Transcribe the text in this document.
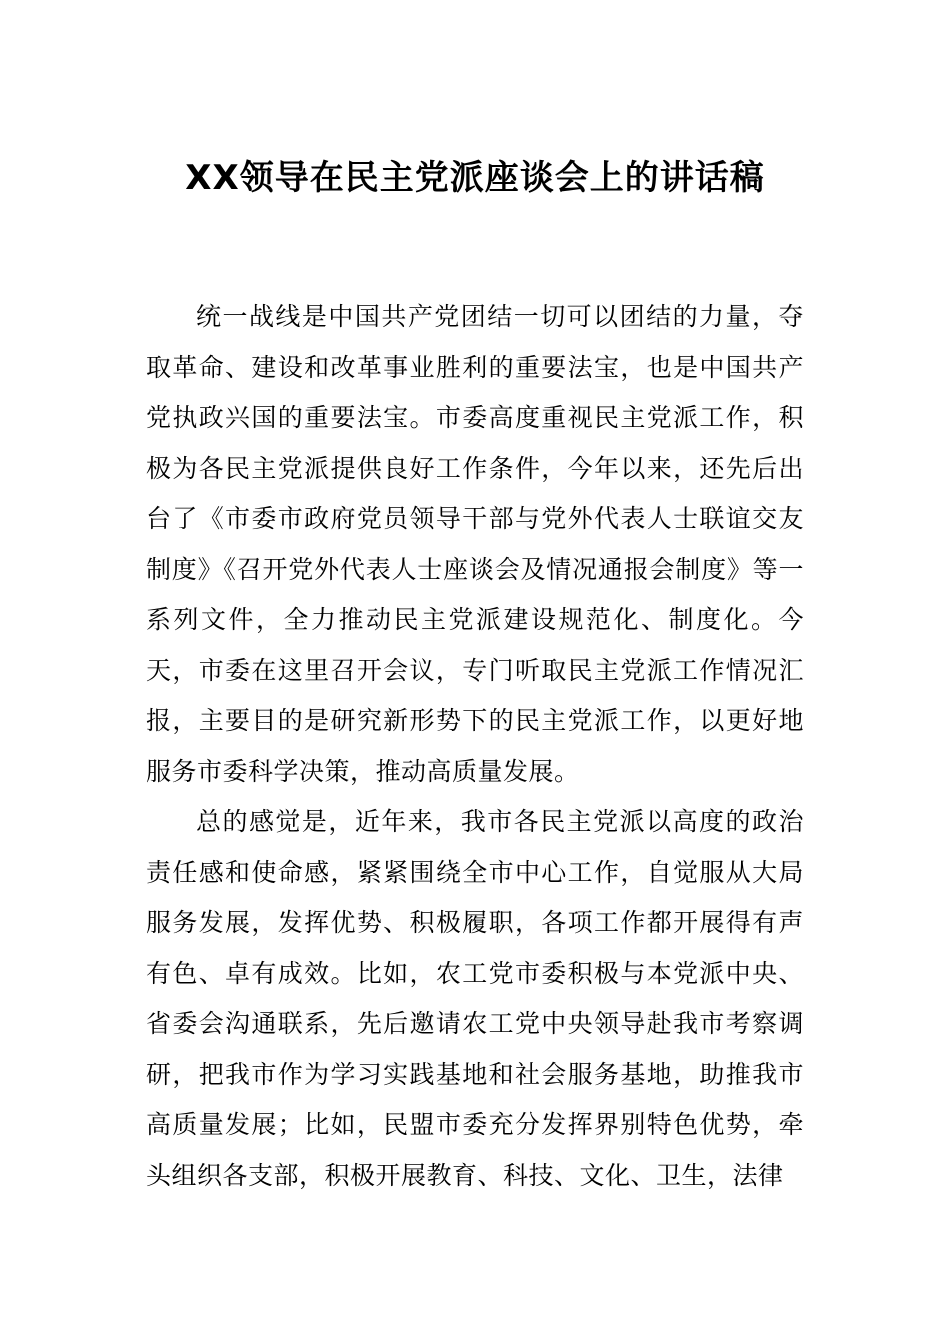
XX领导在民主党派座谈会上的讲话稿

统一战线是中国共产党团结一切可以团结的力量，夺取革命、建设和改革事业胜利的重要法宝，也是中国共产党执政兴国的重要法宝。市委高度重视民主党派工作，积极为各民主党派提供良好工作条件，今年以来，还先后出台了《市委市政府党员领导干部与党外代表人士联谊交友制度》《召开党外代表人士座谈会及情况通报会制度》等一系列文件，全力推动民主党派建设规范化、制度化。今天，市委在这里召开会议，专门听取民主党派工作情况汇报，主要目的是研究新形势下的民主党派工作，以更好地服务市委科学决策，推动高质量发展。

总的感觉是，近年来，我市各民主党派以高度的政治责任感和使命感，紧紧围绕全市中心工作，自觉服从大局服务发展，发挥优势、积极履职，各项工作都开展得有声有色、卓有成效。比如，农工党市委积极与本党派中央、省委会沟通联系，先后邀请农工党中央领导赴我市考察调研，把我市作为学习实践基地和社会服务基地，助推我市高质量发展；比如，民盟市委充分发挥界别特色优势，牵头组织各支部，积极开展教育、科技、文化、卫生，法律
